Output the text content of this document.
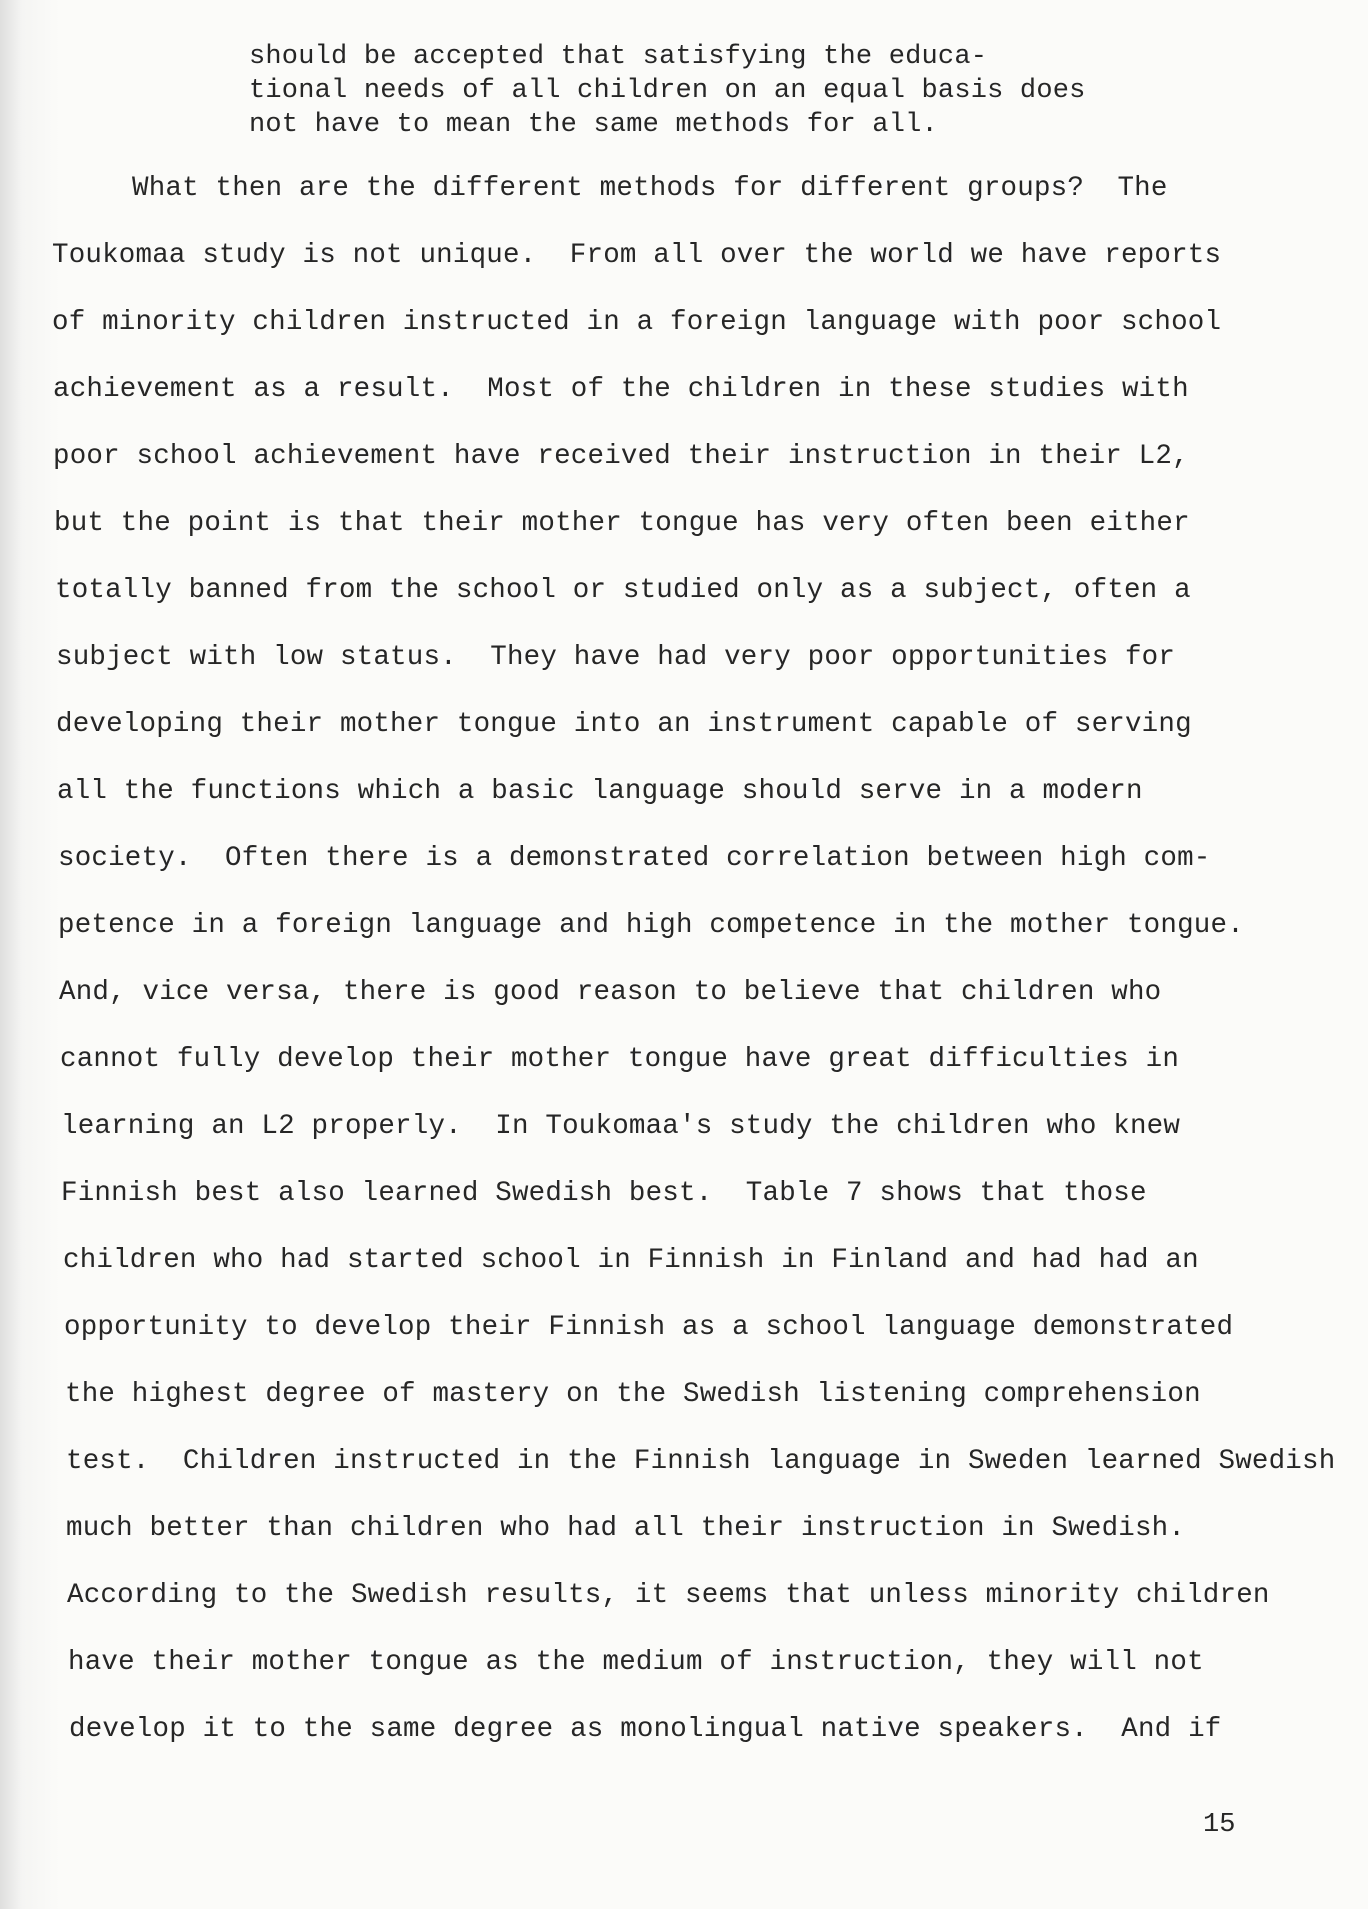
should be accepted that satisfying the educa-
tional needs of all children on an equal basis does
not have to mean the same methods for all.
What then are the different methods for different groups?  The
Toukomaa study is not unique.  From all over the world we have reports
of minority children instructed in a foreign language with poor school
achievement as a result.  Most of the children in these studies with
poor school achievement have received their instruction in their L2,
but the point is that their mother tongue has very often been either
totally banned from the school or studied only as a subject, often a
subject with low status.  They have had very poor opportunities for
developing their mother tongue into an instrument capable of serving
all the functions which a basic language should serve in a modern
society.  Often there is a demonstrated correlation between high com-
petence in a foreign language and high competence in the mother tongue.
And, vice versa, there is good reason to believe that children who
cannot fully develop their mother tongue have great difficulties in
learning an L2 properly.  In Toukomaa's study the children who knew
Finnish best also learned Swedish best.  Table 7 shows that those
children who had started school in Finnish in Finland and had had an
opportunity to develop their Finnish as a school language demonstrated
the highest degree of mastery on the Swedish listening comprehension
test.  Children instructed in the Finnish language in Sweden learned Swedish
much better than children who had all their instruction in Swedish.
According to the Swedish results, it seems that unless minority children
have their mother tongue as the medium of instruction, they will not
develop it to the same degree as monolingual native speakers.  And if
15
